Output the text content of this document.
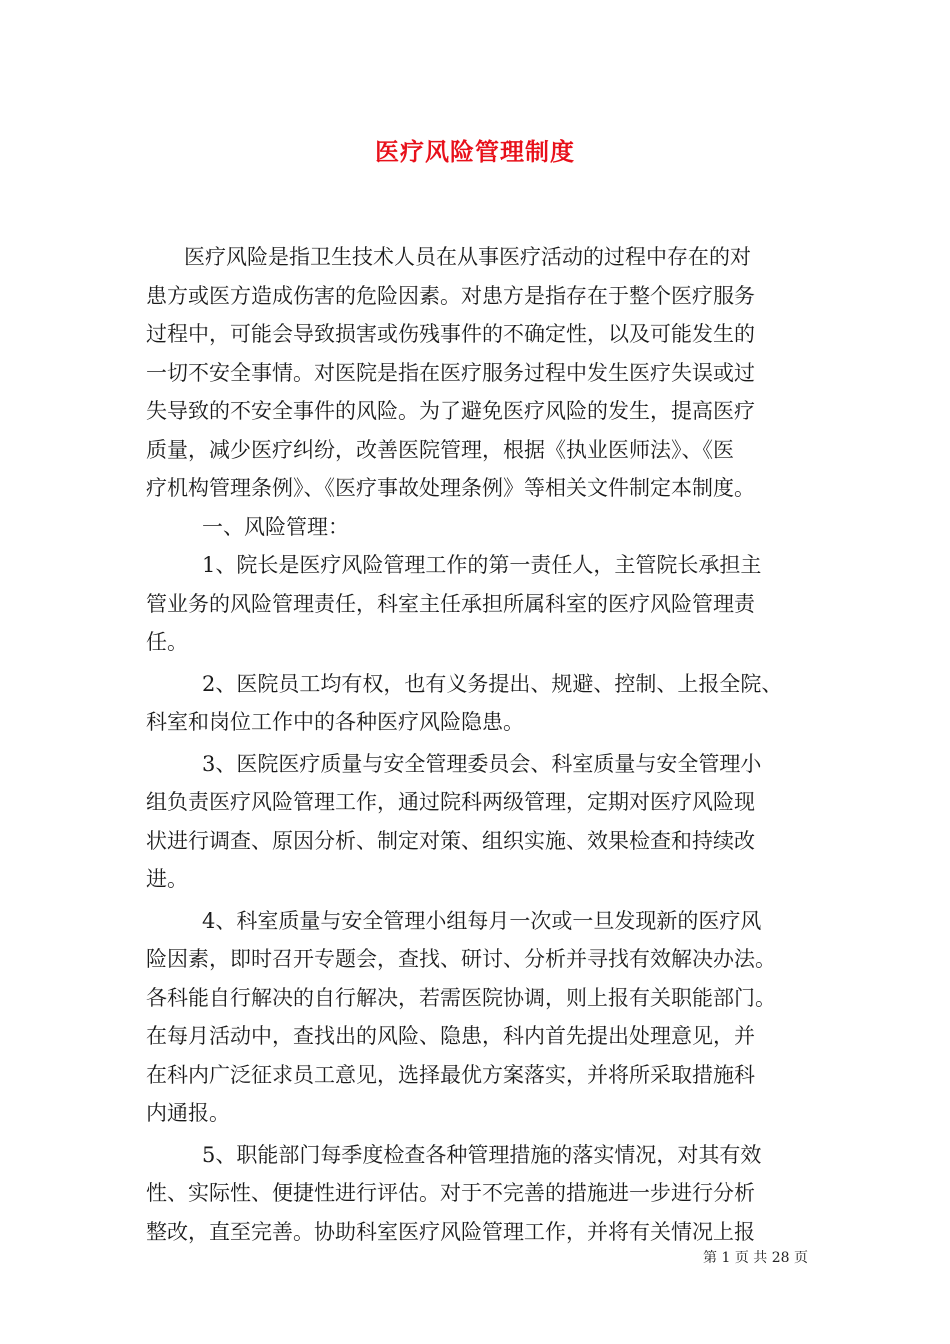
医疗风险管理制度
医疗风险是指卫生技术人员在从事医疗活动的过程中存在的对
患方或医方造成伤害的危险因素。对患方是指存在于整个医疗服务
过程中，可能会导致损害或伤残事件的不确定性，以及可能发生的
一切不安全事情。对医院是指在医疗服务过程中发生医疗失误或过
失导致的不安全事件的风险。为了避免医疗风险的发生，提高医疗
质量，减少医疗纠纷，改善医院管理，根据《执业医师法》、《医
疗机构管理条例》、《医疗事故处理条例》等相关文件制定本制度。
一、风险管理：
1、院长是医疗风险管理工作的第一责任人，主管院长承担主
管业务的风险管理责任，科室主任承担所属科室的医疗风险管理责
任。
2、医院员工均有权，也有义务提出、规避、控制、上报全院、
科室和岗位工作中的各种医疗风险隐患。
3、医院医疗质量与安全管理委员会、科室质量与安全管理小
组负责医疗风险管理工作，通过院科两级管理，定期对医疗风险现
状进行调查、原因分析、制定对策、组织实施、效果检查和持续改
进。
4、科室质量与安全管理小组每月一次或一旦发现新的医疗风
险因素，即时召开专题会，查找、研讨、分析并寻找有效解决办法。
各科能自行解决的自行解决，若需医院协调，则上报有关职能部门。
在每月活动中，查找出的风险、隐患，科内首先提出处理意见，并
在科内广泛征求员工意见，选择最优方案落实，并将所采取措施科
内通报。
5、职能部门每季度检查各种管理措施的落实情况，对其有效
性、实际性、便捷性进行评估。对于不完善的措施进一步进行分析
整改，直至完善。协助科室医疗风险管理工作，并将有关情况上报
第 1 页 共 28 页
